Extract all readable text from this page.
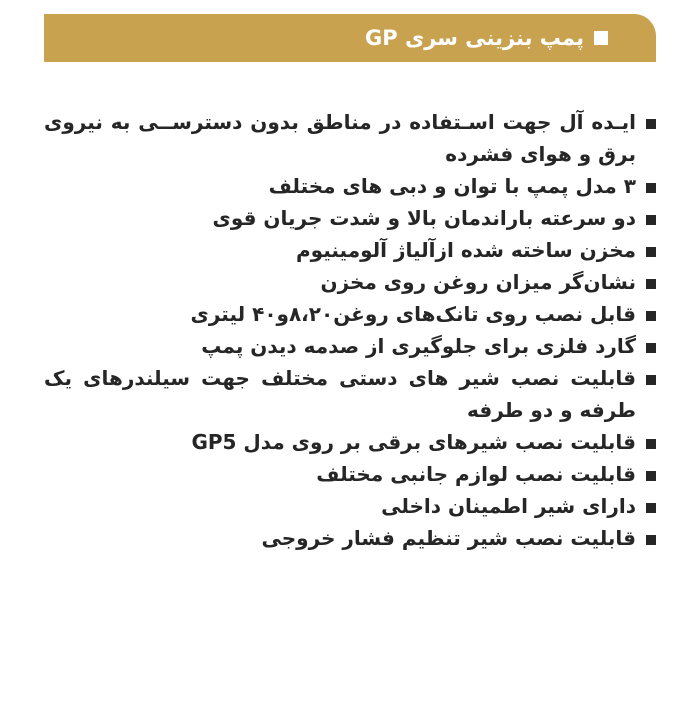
پمپ بنزینی سری GP
ایـده آل جهت اسـتفاده در مناطق بدون دسترســی به نیروی برق و هوای فشرده
۳ مدل پمپ با توان و دبی های مختلف
دو سرعته باراندمان بالا و شدت جریان قوی
مخزن ساخته شده ازآلیاژ آلومینیوم
نشان‌گر میزان روغن روی مخزن
قابل نصب روی تانک‌های روغن۸،۲۰و۴۰ لیتری
گارد فلزی برای جلوگیری از صدمه دیدن پمپ
قابلیت نصب شیر های دستی مختلف جهت سیلندرهای یک طرفه و دو طرفه
قابلیت نصب شیرهای برقی بر روی مدل GP5
قابلیت نصب لوازم جانبی مختلف
دارای شیر اطمینان داخلی
قابلیت نصب شیر تنظیم فشار خروجی
